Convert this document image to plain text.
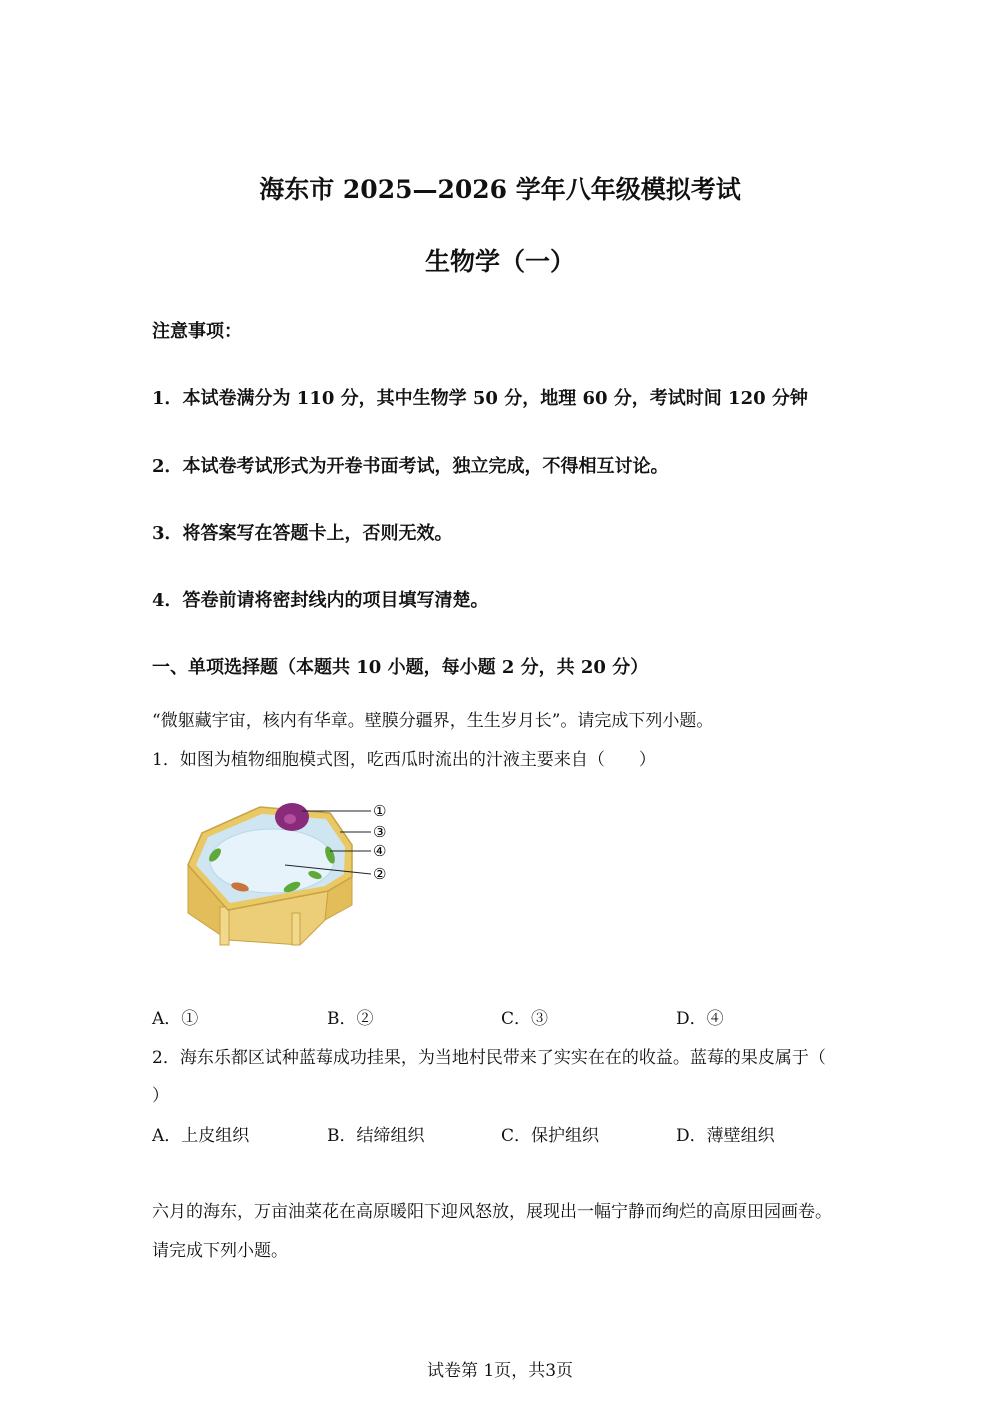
海东市 2025—2026 学年八年级模拟考试
生物学（一）
注意事项：
1．本试卷满分为 110 分，其中生物学 50 分，地理 60 分，考试时间 120 分钟
2．本试卷考试形式为开卷书面考试，独立完成，不得相互讨论。
3．将答案写在答题卡上，否则无效。
4．答卷前请将密封线内的项目填写清楚。
一、单项选择题（本题共 10 小题，每小题 2 分，共 20 分）
“微躯藏宇宙，核内有华章。壁膜分疆界，生生岁月长”。请完成下列小题。
1．如图为植物细胞模式图，吃西瓜时流出的汁液主要来自（　　）
①
③
④
②
A．①	B．②	C．③	D．④
2．海东乐都区试种蓝莓成功挂果，为当地村民带来了实实在在的收益。蓝莓的果皮属于（
）
A．上皮组织	B．结缔组织	C．保护组织	D．薄壁组织
六月的海东，万亩油菜花在高原暖阳下迎风怒放，展现出一幅宁静而绚烂的高原田园画卷。
请完成下列小题。
试卷第 1页，共3页
